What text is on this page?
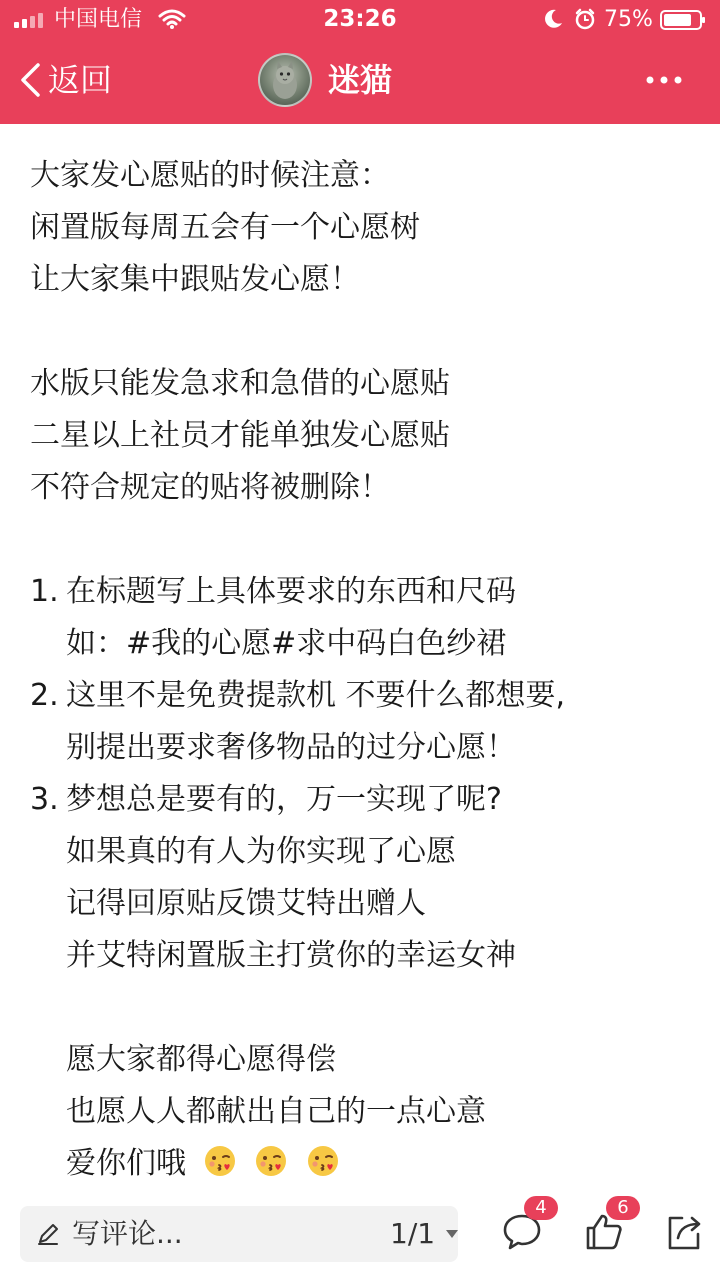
中国电信	23:26	75%
返回	迷猫
大家发心愿贴的时候注意：
闲置版每周五会有一个心愿树
让大家集中跟贴发心愿！
水版只能发急求和急借的心愿贴
二星以上社员才能单独发心愿贴
不符合规定的贴将被删除！
1. 在标题写上具体要求的东西和尺码
如：#我的心愿#求中码白色纱裙
2. 这里不是免费提款机 不要什么都想要,
别提出要求奢侈物品的过分心愿！
3. 梦想总是要有的，万一实现了呢?
如果真的有人为你实现了心愿
记得回原贴反馈艾特出赠人
并艾特闲置版主打赏你的幸运女神
愿大家都得心愿得偿
也愿人人都献出自己的一点心意
爱你们哦
写评论...	1/1
4	6
